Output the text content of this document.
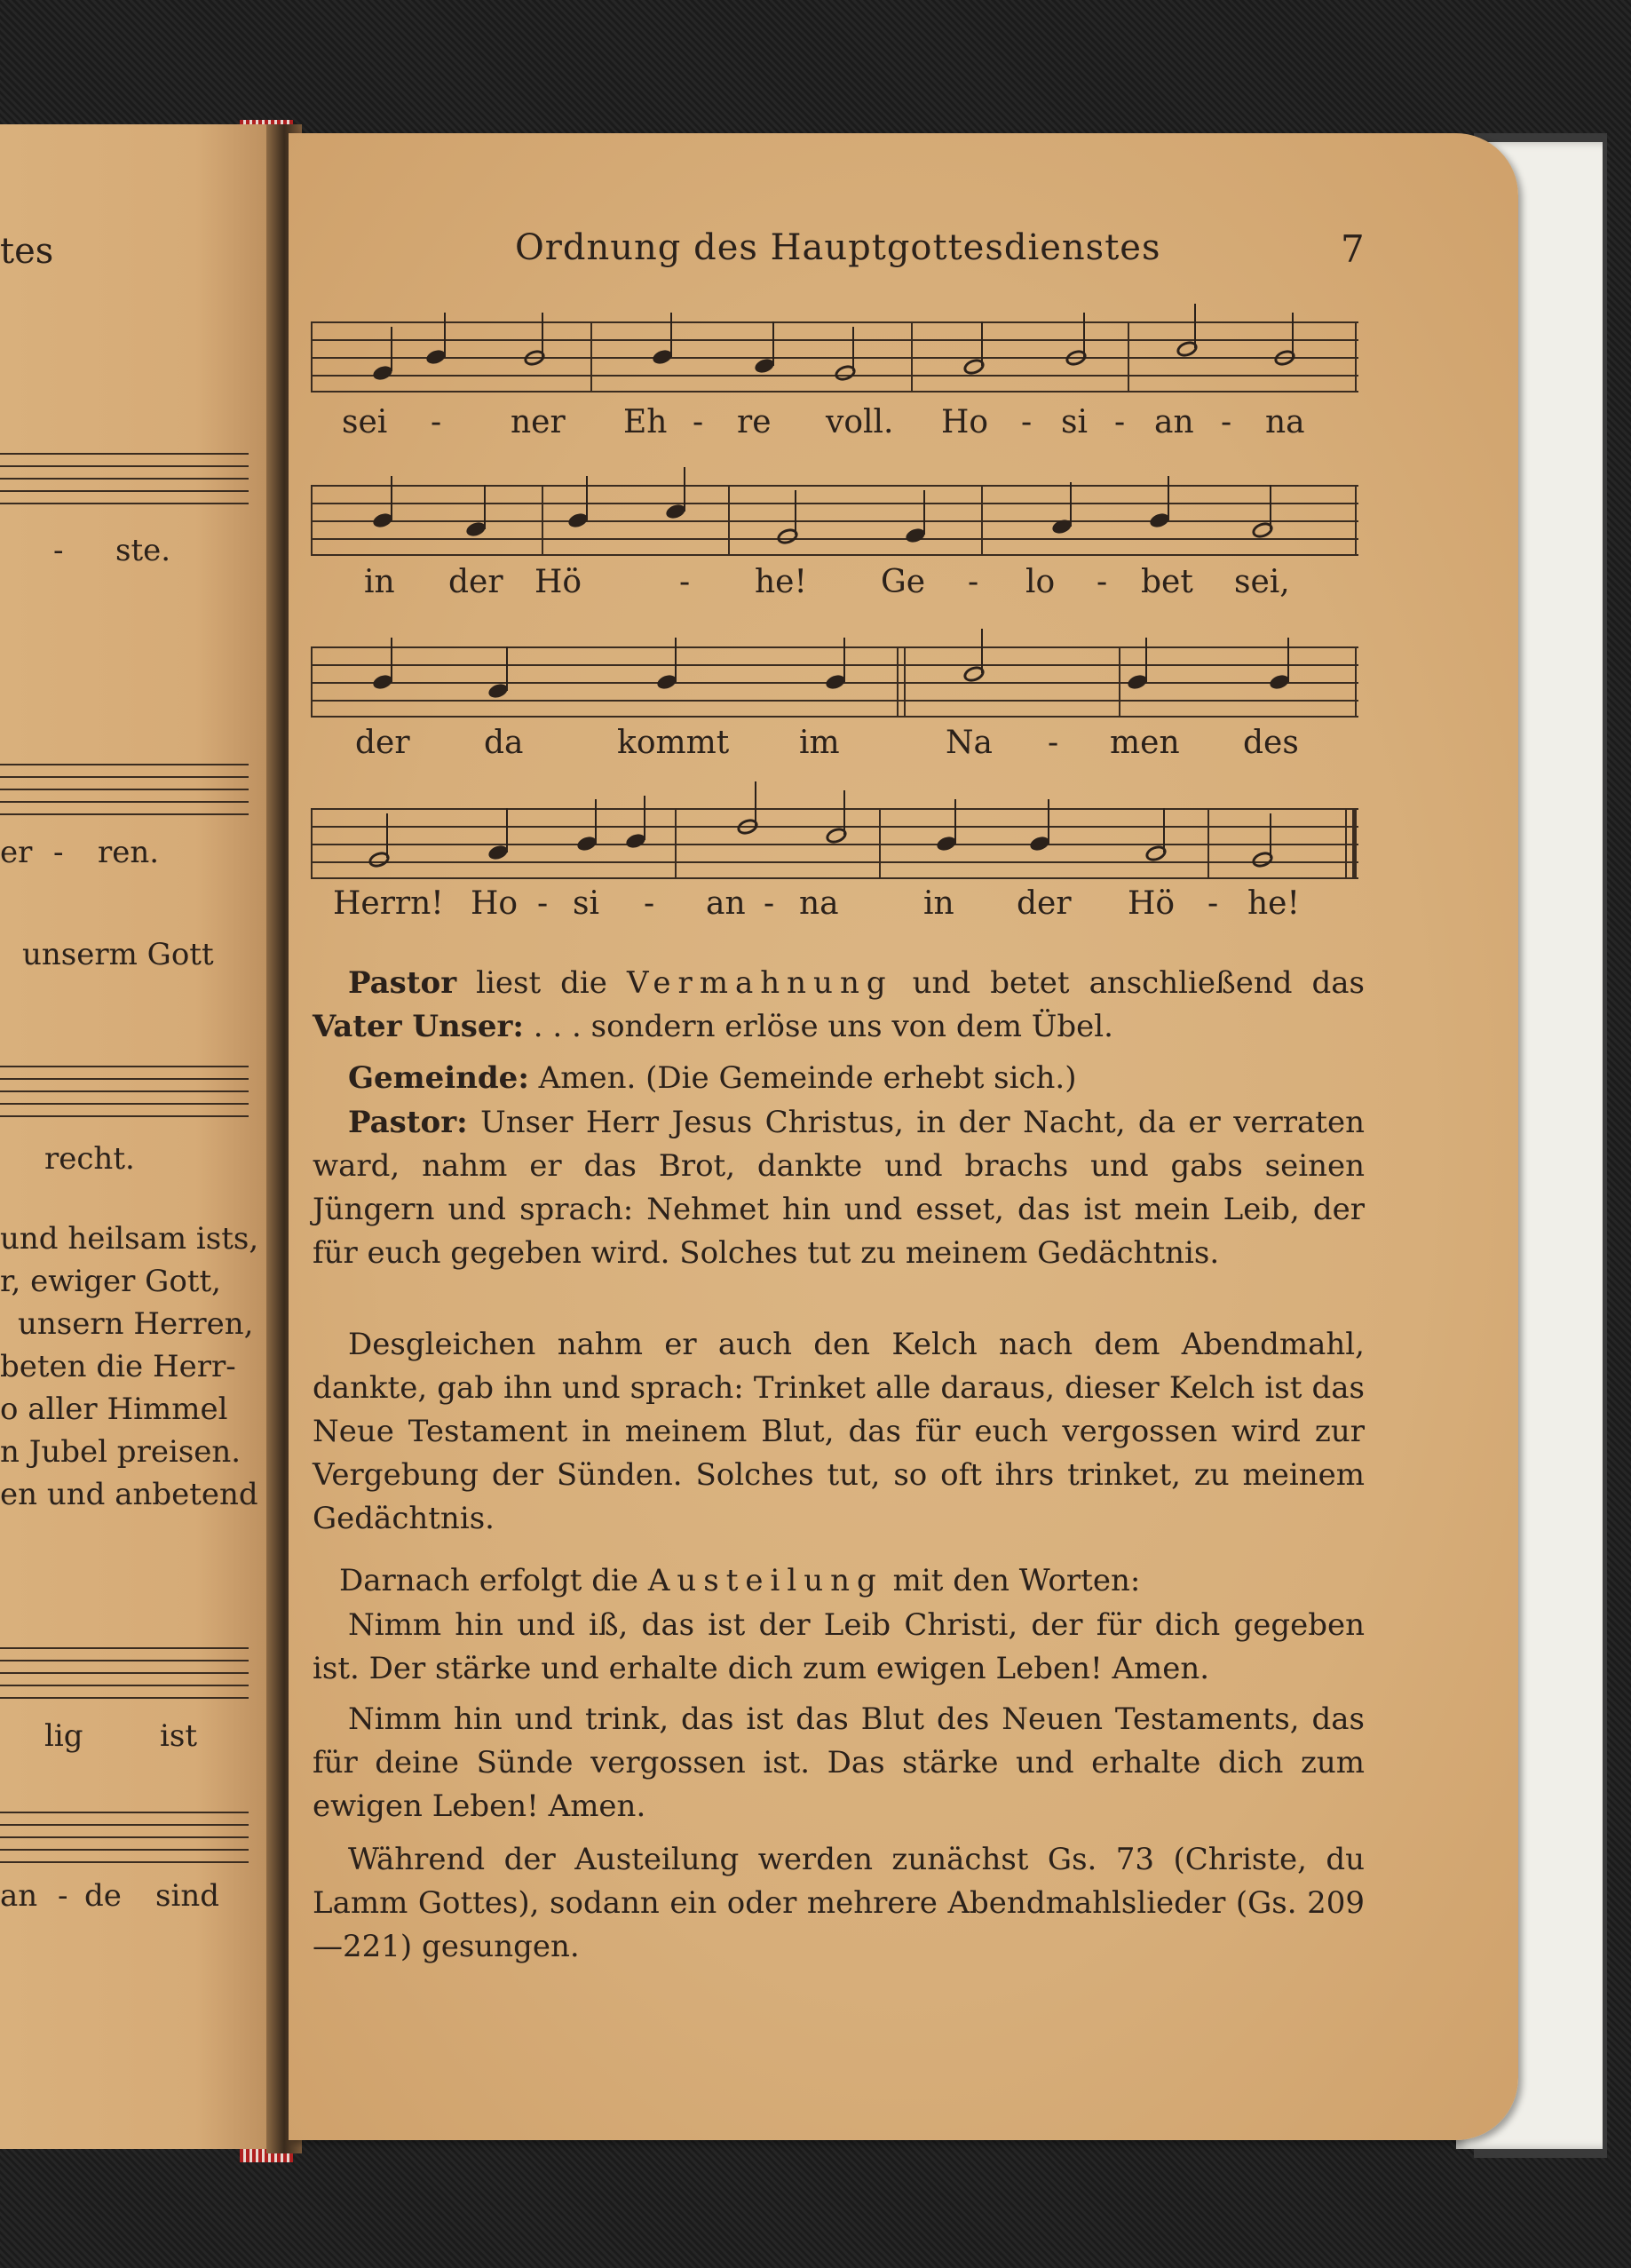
tes
- ste.
er - ren.
unserm Gott
recht.
und heilsam ists,
r, ewiger Gott,
unsern Herren,
beten die Herr-
o aller Himmel
n Jubel preisen.
en und anbetend
lig	ist
an - de sind
Ordnung des Hauptgottesdienstes	7
sei - ner Eh - re voll. Ho - si - an - na
in der Hö	- he! Ge - lo - bet sei,
der da	kommt im	Na - men des
Herrn! Ho - si - an - na	in der Hö - he!

Pastor liest die Vermahnung und betet anschließend das Vater Unser: . . . sondern erlöse uns von dem Übel.

Gemeinde: Amen. (Die Gemeinde erhebt sich.)

Pastor: Unser Herr Jesus Christus, in der Nacht, da er verraten ward, nahm er das Brot, dankte und brachs und gabs seinen Jüngern und sprach: Nehmet hin und esset, das ist mein Leib, der für euch gegeben wird. Solches tut zu meinem Gedächtnis.

Desgleichen nahm er auch den Kelch nach dem Abendmahl, dankte, gab ihn und sprach: Trinket alle daraus, dieser Kelch ist das Neue Testament in meinem Blut, das für euch vergossen wird zur Vergebung der Sünden. Solches tut, so oft ihrs trinket, zu meinem Gedächtnis.

Darnach erfolgt die Austeilung mit den Worten:

Nimm hin und iß, das ist der Leib Christi, der für dich gegeben ist. Der stärke und erhalte dich zum ewigen Leben! Amen.

Nimm hin und trink, das ist das Blut des Neuen Testaments, das für deine Sünde vergossen ist. Das stärke und erhalte dich zum ewigen Leben! Amen.

Während der Austeilung werden zunächst Gs. 73 (Christe, du Lamm Gottes), sodann ein oder mehrere Abendmahlslieder (Gs. 209—221) gesungen.
